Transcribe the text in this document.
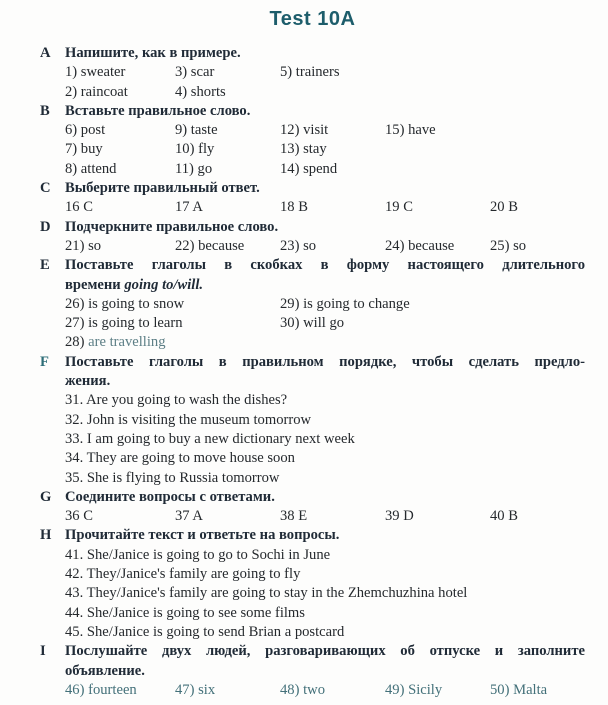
Test 10A
A Напишите, как в примере.
1) sweater	3) scar	5) trainers
2) raincoat	4) shorts
B Вставьте правильное слово.
6) post	9) taste	12) visit	15) have
7) buy	10) fly	13) stay
8) attend	11) go	14) spend
C Выберите правильный ответ.
16 C	17 A	18 B	19 C	20 B
D Подчеркните правильное слово.
21) so	22) because	23) so	24) because	25) so
E Поставьте глаголы в скобках в форму настоящего длительного
времени going to/will.
26) is going to snow	29) is going to change
27) is going to learn	30) will go
28) are travelling
F Поставьте глаголы в правильном порядке, чтобы сделать предло-
жения.
31. Are you going to wash the dishes?
32. John is visiting the museum tomorrow
33. I am going to buy a new dictionary next week
34. They are going to move house soon
35. She is flying to Russia tomorrow
G Соедините вопросы с ответами.
36 C	37 A	38 E	39 D	40 B
H Прочитайте текст и ответьте на вопросы.
41. She/Janice is going to go to Sochi in June
42. They/Janice's family are going to fly
43. They/Janice's family are going to stay in the Zhemchuzhina hotel
44. She/Janice is going to see some films
45. She/Janice is going to send Brian a postcard
I Послушайте двух людей, разговаривающих об отпуске и заполните
объявление.
46) fourteen	47) six	48) two	49) Sicily	50) Malta
